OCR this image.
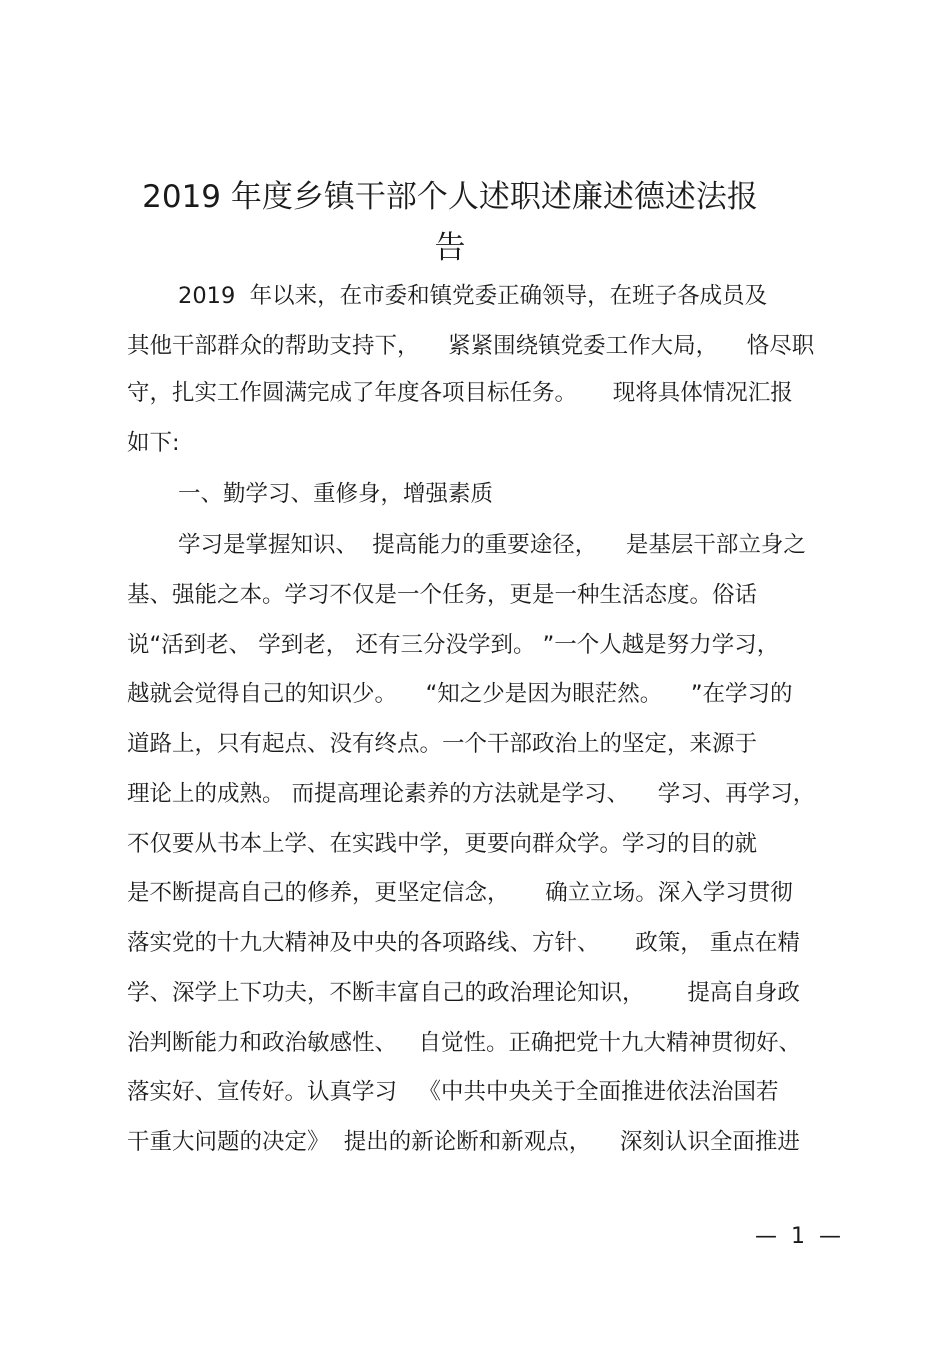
2019 年度乡镇干部个人述职述廉述德述法报
告
2019  年以来，在市委和镇党委正确领导，在班子各成员及
其他干部群众的帮助支持下，    紧紧围绕镇党委工作大局，    恪尽职
守，扎实工作圆满完成了年度各项目标任务。     现将具体情况汇报
如下:
一、勤学习、重修身，增强素质
学习是掌握知识、  提高能力的重要途径，    是基层干部立身之
基、强能之本。学习不仅是一个任务，更是一种生活态度。俗话
说“活到老、 学到老， 还有三分没学到。 ”一个人越是努力学习，
越就会觉得自己的知识少。    “知之少是因为眼茫然。    ”在学习的
道路上，只有起点、没有终点。一个干部政治上的坚定，来源于
理论上的成熟。 而提高理论素养的方法就是学习、    学习、再学习，
不仅要从书本上学、在实践中学，更要向群众学。学习的目的就
是不断提高自己的修养，更坚定信念，     确立立场。深入学习贯彻
落实党的十九大精神及中央的各项路线、方针、     政策， 重点在精
学、深学上下功夫，不断丰富自己的政治理论知识，      提高自身政
治判断能力和政治敏感性、   自觉性。正确把党十九大精神贯彻好、
落实好、宣传好。认真学习   《中共中央关于全面推进依法治国若
干重大问题的决定》  提出的新论断和新观点，    深刻认识全面推进
—  1  —
